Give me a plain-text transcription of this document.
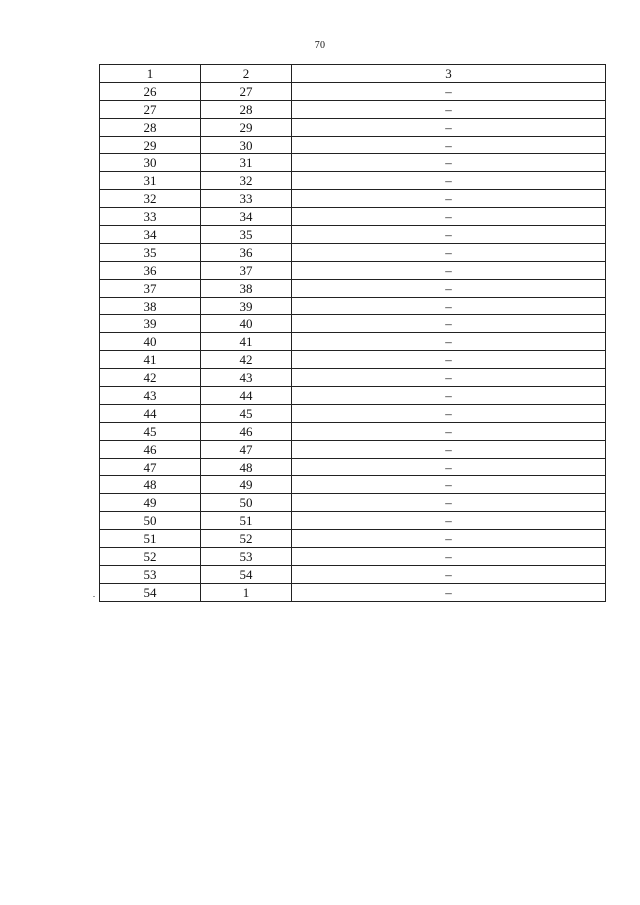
70
1	2	3
26	27	–
27	28	–
28	29	–
29	30	–
30	31	–
31	32	–
32	33	–
33	34	–
34	35	–
35	36	–
36	37	–
37	38	–
38	39	–
39	40	–
40	41	–
41	42	–
42	43	–
43	44	–
44	45	–
45	46	–
46	47	–
47	48	–
48	49	–
49	50	–
50	51	–
51	52	–
52	53	–
53	54	–
54	1	–
